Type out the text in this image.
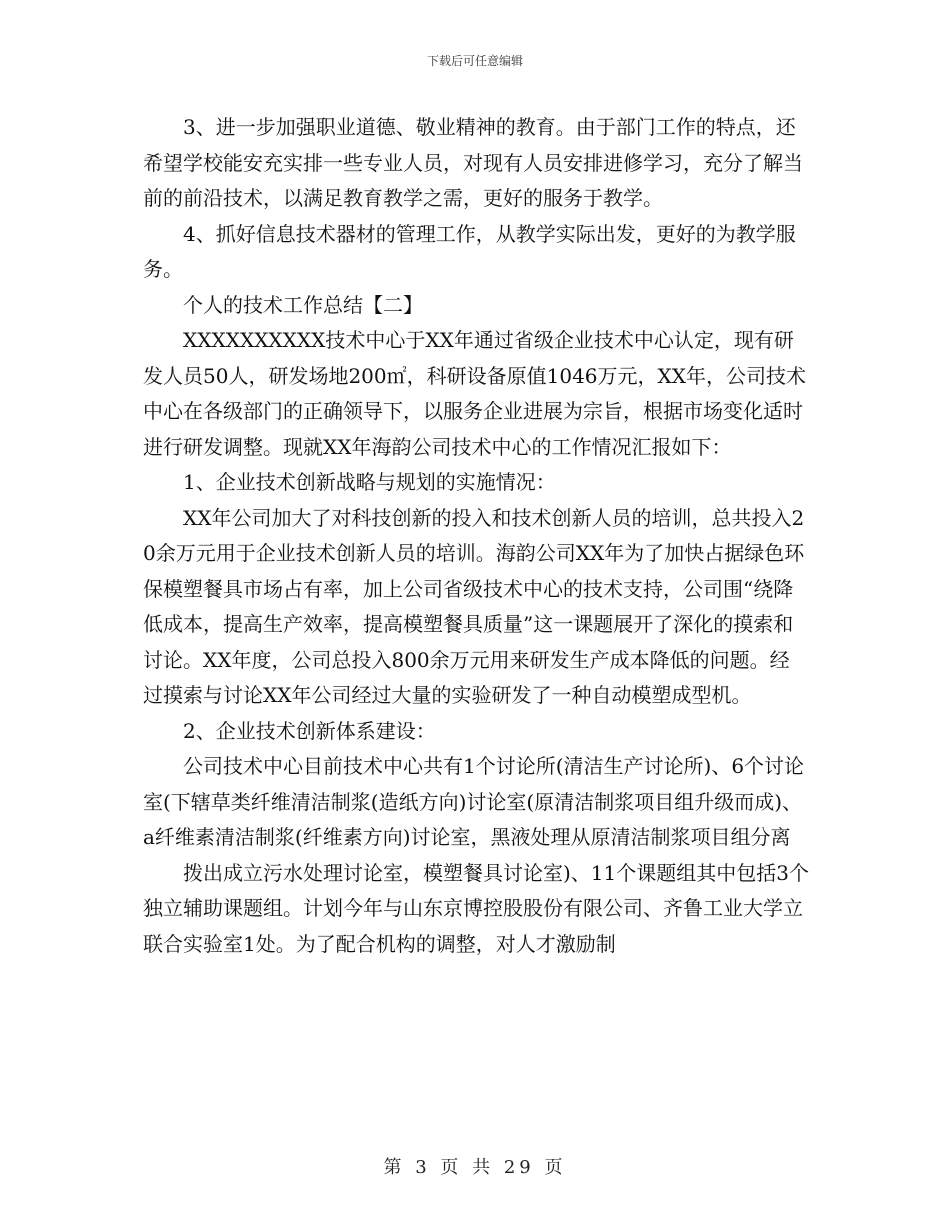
下载后可任意编辑

3、进一步加强职业道德、敬业精神的教育。由于部门工作的特点，还希望学校能安充实排一些专业人员，对现有人员安排进修学习，充分了解当前的前沿技术，以满足教育教学之需，更好的服务于教学。

4、抓好信息技术器材的管理工作，从教学实际出发，更好的为教学服务。

个人的技术工作总结【二】

XXXXXXXXXX技术中心于XX年通过省级企业技术中心认定，现有研发人员50人，研发场地200㎡，科研设备原值1046万元，XX年，公司技术中心在各级部门的正确领导下，以服务企业进展为宗旨，根据市场变化适时进行研发调整。现就XX年海韵公司技术中心的工作情况汇报如下：

1、企业技术创新战略与规划的实施情况：

XX年公司加大了对科技创新的投入和技术创新人员的培训，总共投入20余万元用于企业技术创新人员的培训。海韵公司XX年为了加快占据绿色环保模塑餐具市场占有率，加上公司省级技术中心的技术支持，公司围“绕降低成本，提高生产效率，提高模塑餐具质量”这一课题展开了深化的摸索和讨论。XX年度，公司总投入800余万元用来研发生产成本降低的问题。经过摸索与讨论XX年公司经过大量的实验研发了一种自动模塑成型机。

2、企业技术创新体系建设：

公司技术中心目前技术中心共有1个讨论所(清洁生产讨论所)、6个讨论室(下辖草类纤维清洁制浆(造纸方向)讨论室(原清洁制浆项目组升级而成)、a纤维素清洁制浆(纤维素方向)讨论室，黑液处理从原清洁制浆项目组分离

拨出成立污水处理讨论室，模塑餐具讨论室)、11个课题组其中包括3个独立辅助课题组。计划今年与山东京博控股股份有限公司、齐鲁工业大学立联合实验室1处。为了配合机构的调整，对人才激励制

第 3 页 共 29 页
